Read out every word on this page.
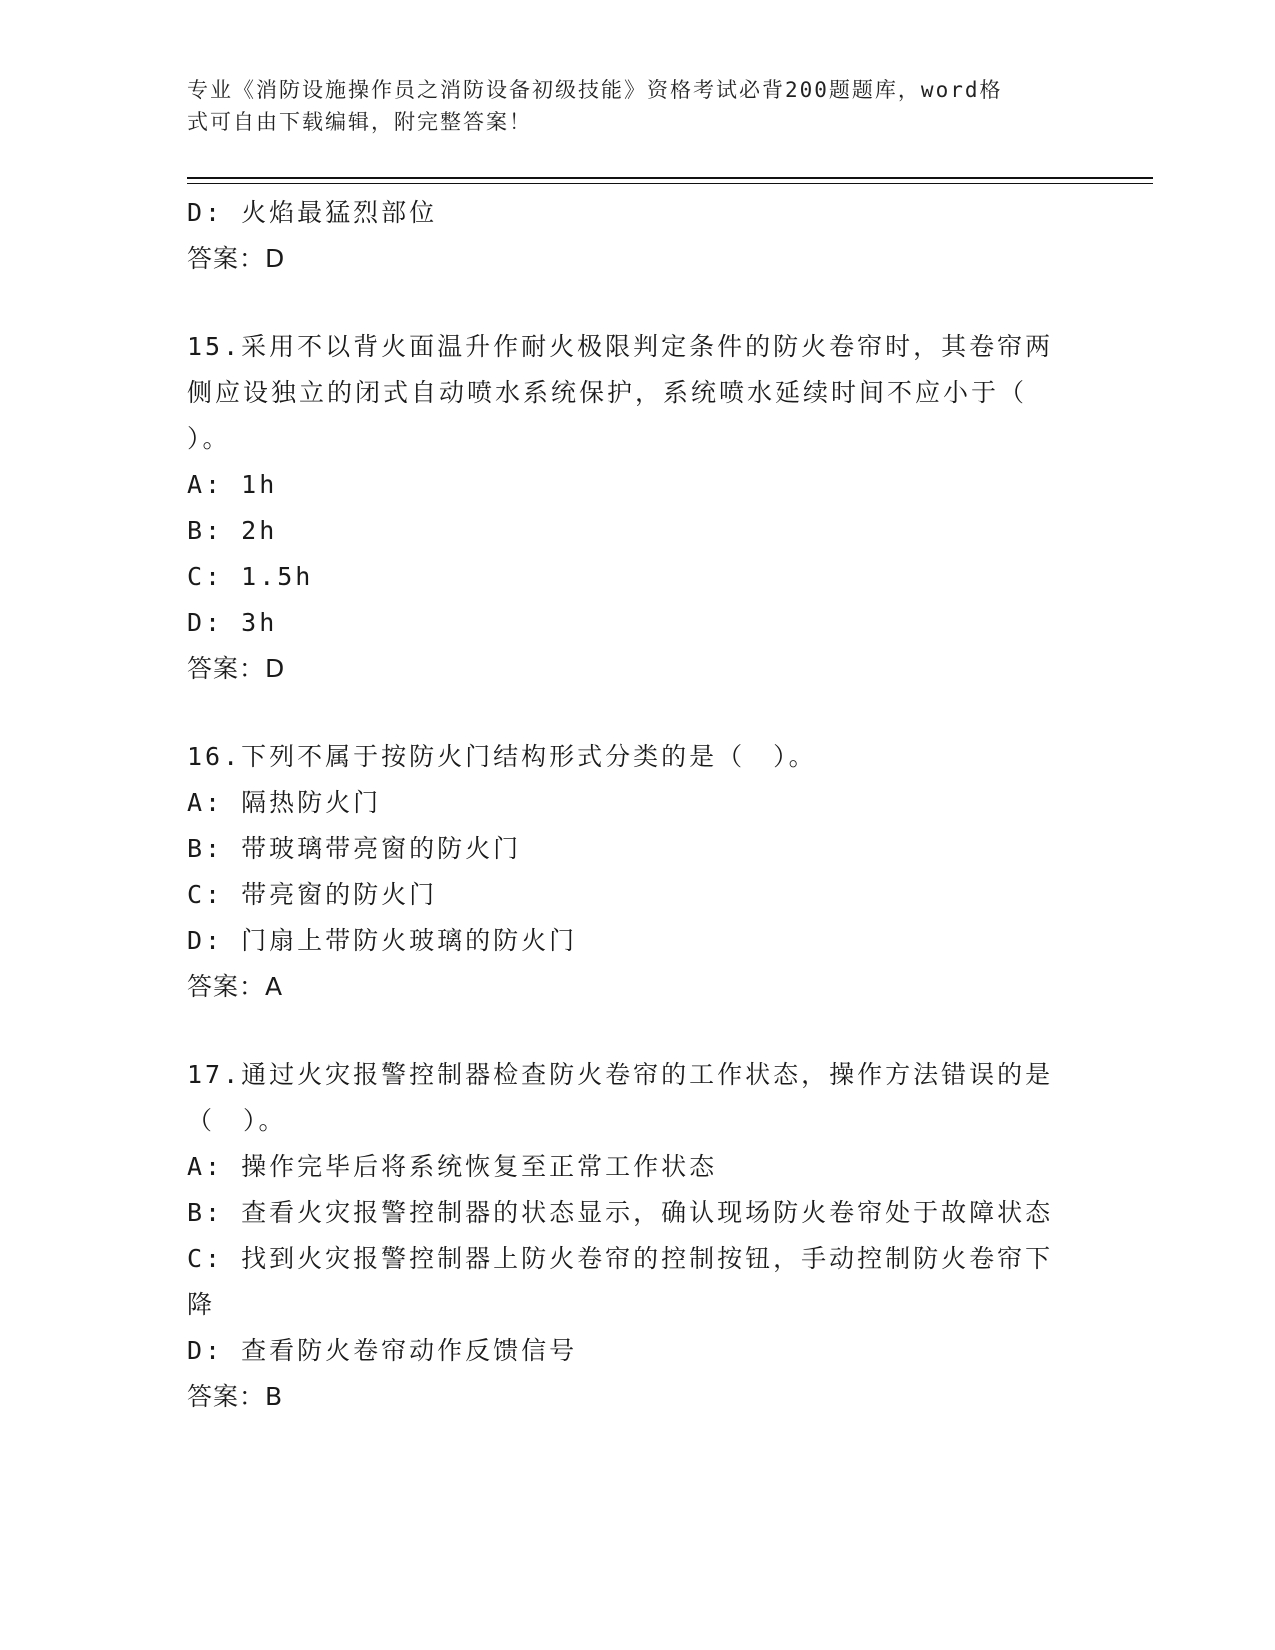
专业《消防设施操作员之消防设备初级技能》资格考试必背200题题库，word格
式可自由下载编辑，附完整答案！
D: 火焰最猛烈部位
答案：D
15.采用不以背火面温升作耐火极限判定条件的防火卷帘时，其卷帘两
侧应设独立的闭式自动喷水系统保护，系统喷水延续时间不应小于（
）。
A: 1h
B: 2h
C: 1.5h
D: 3h
答案：D
16.下列不属于按防火门结构形式分类的是（　）。
A: 隔热防火门
B: 带玻璃带亮窗的防火门
C: 带亮窗的防火门
D: 门扇上带防火玻璃的防火门
答案：A
17.通过火灾报警控制器检查防火卷帘的工作状态，操作方法错误的是
（　）。
A: 操作完毕后将系统恢复至正常工作状态
B: 查看火灾报警控制器的状态显示，确认现场防火卷帘处于故障状态
C: 找到火灾报警控制器上防火卷帘的控制按钮，手动控制防火卷帘下
降
D: 查看防火卷帘动作反馈信号
答案：B
